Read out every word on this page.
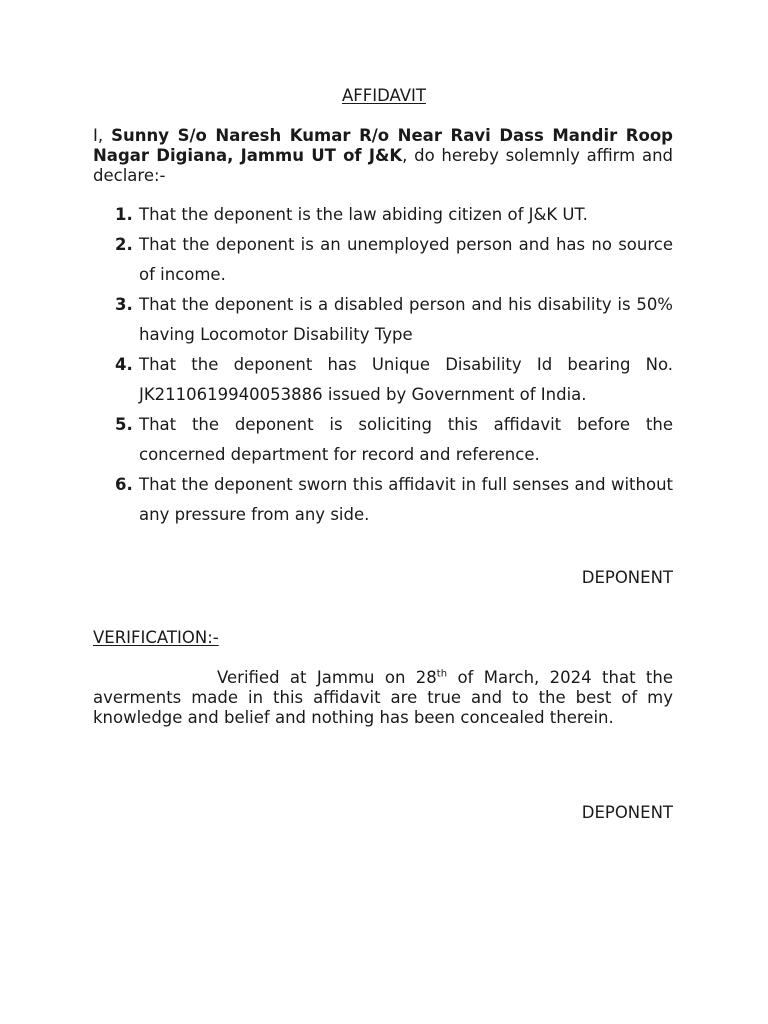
AFFIDAVIT
I, Sunny S/o Naresh Kumar R/o Near Ravi Dass Mandir Roop Nagar Digiana, Jammu UT of J&K, do hereby solemnly affirm and declare:-
1. That the deponent is the law abiding citizen of J&K UT.
2. That the deponent is an unemployed person and has no source of income.
3. That the deponent is a disabled person and his disability is 50% having Locomotor Disability Type
4. That the deponent has Unique Disability Id bearing No. JK2110619940053886 issued by Government of India.
5. That the deponent is soliciting this affidavit before the concerned department for record and reference.
6. That the deponent sworn this affidavit in full senses and without any pressure from any side.
DEPONENT
VERIFICATION:-
Verified at Jammu on 28th of March, 2024 that the averments made in this affidavit are true and to the best of my knowledge and belief and nothing has been concealed therein.
DEPONENT
